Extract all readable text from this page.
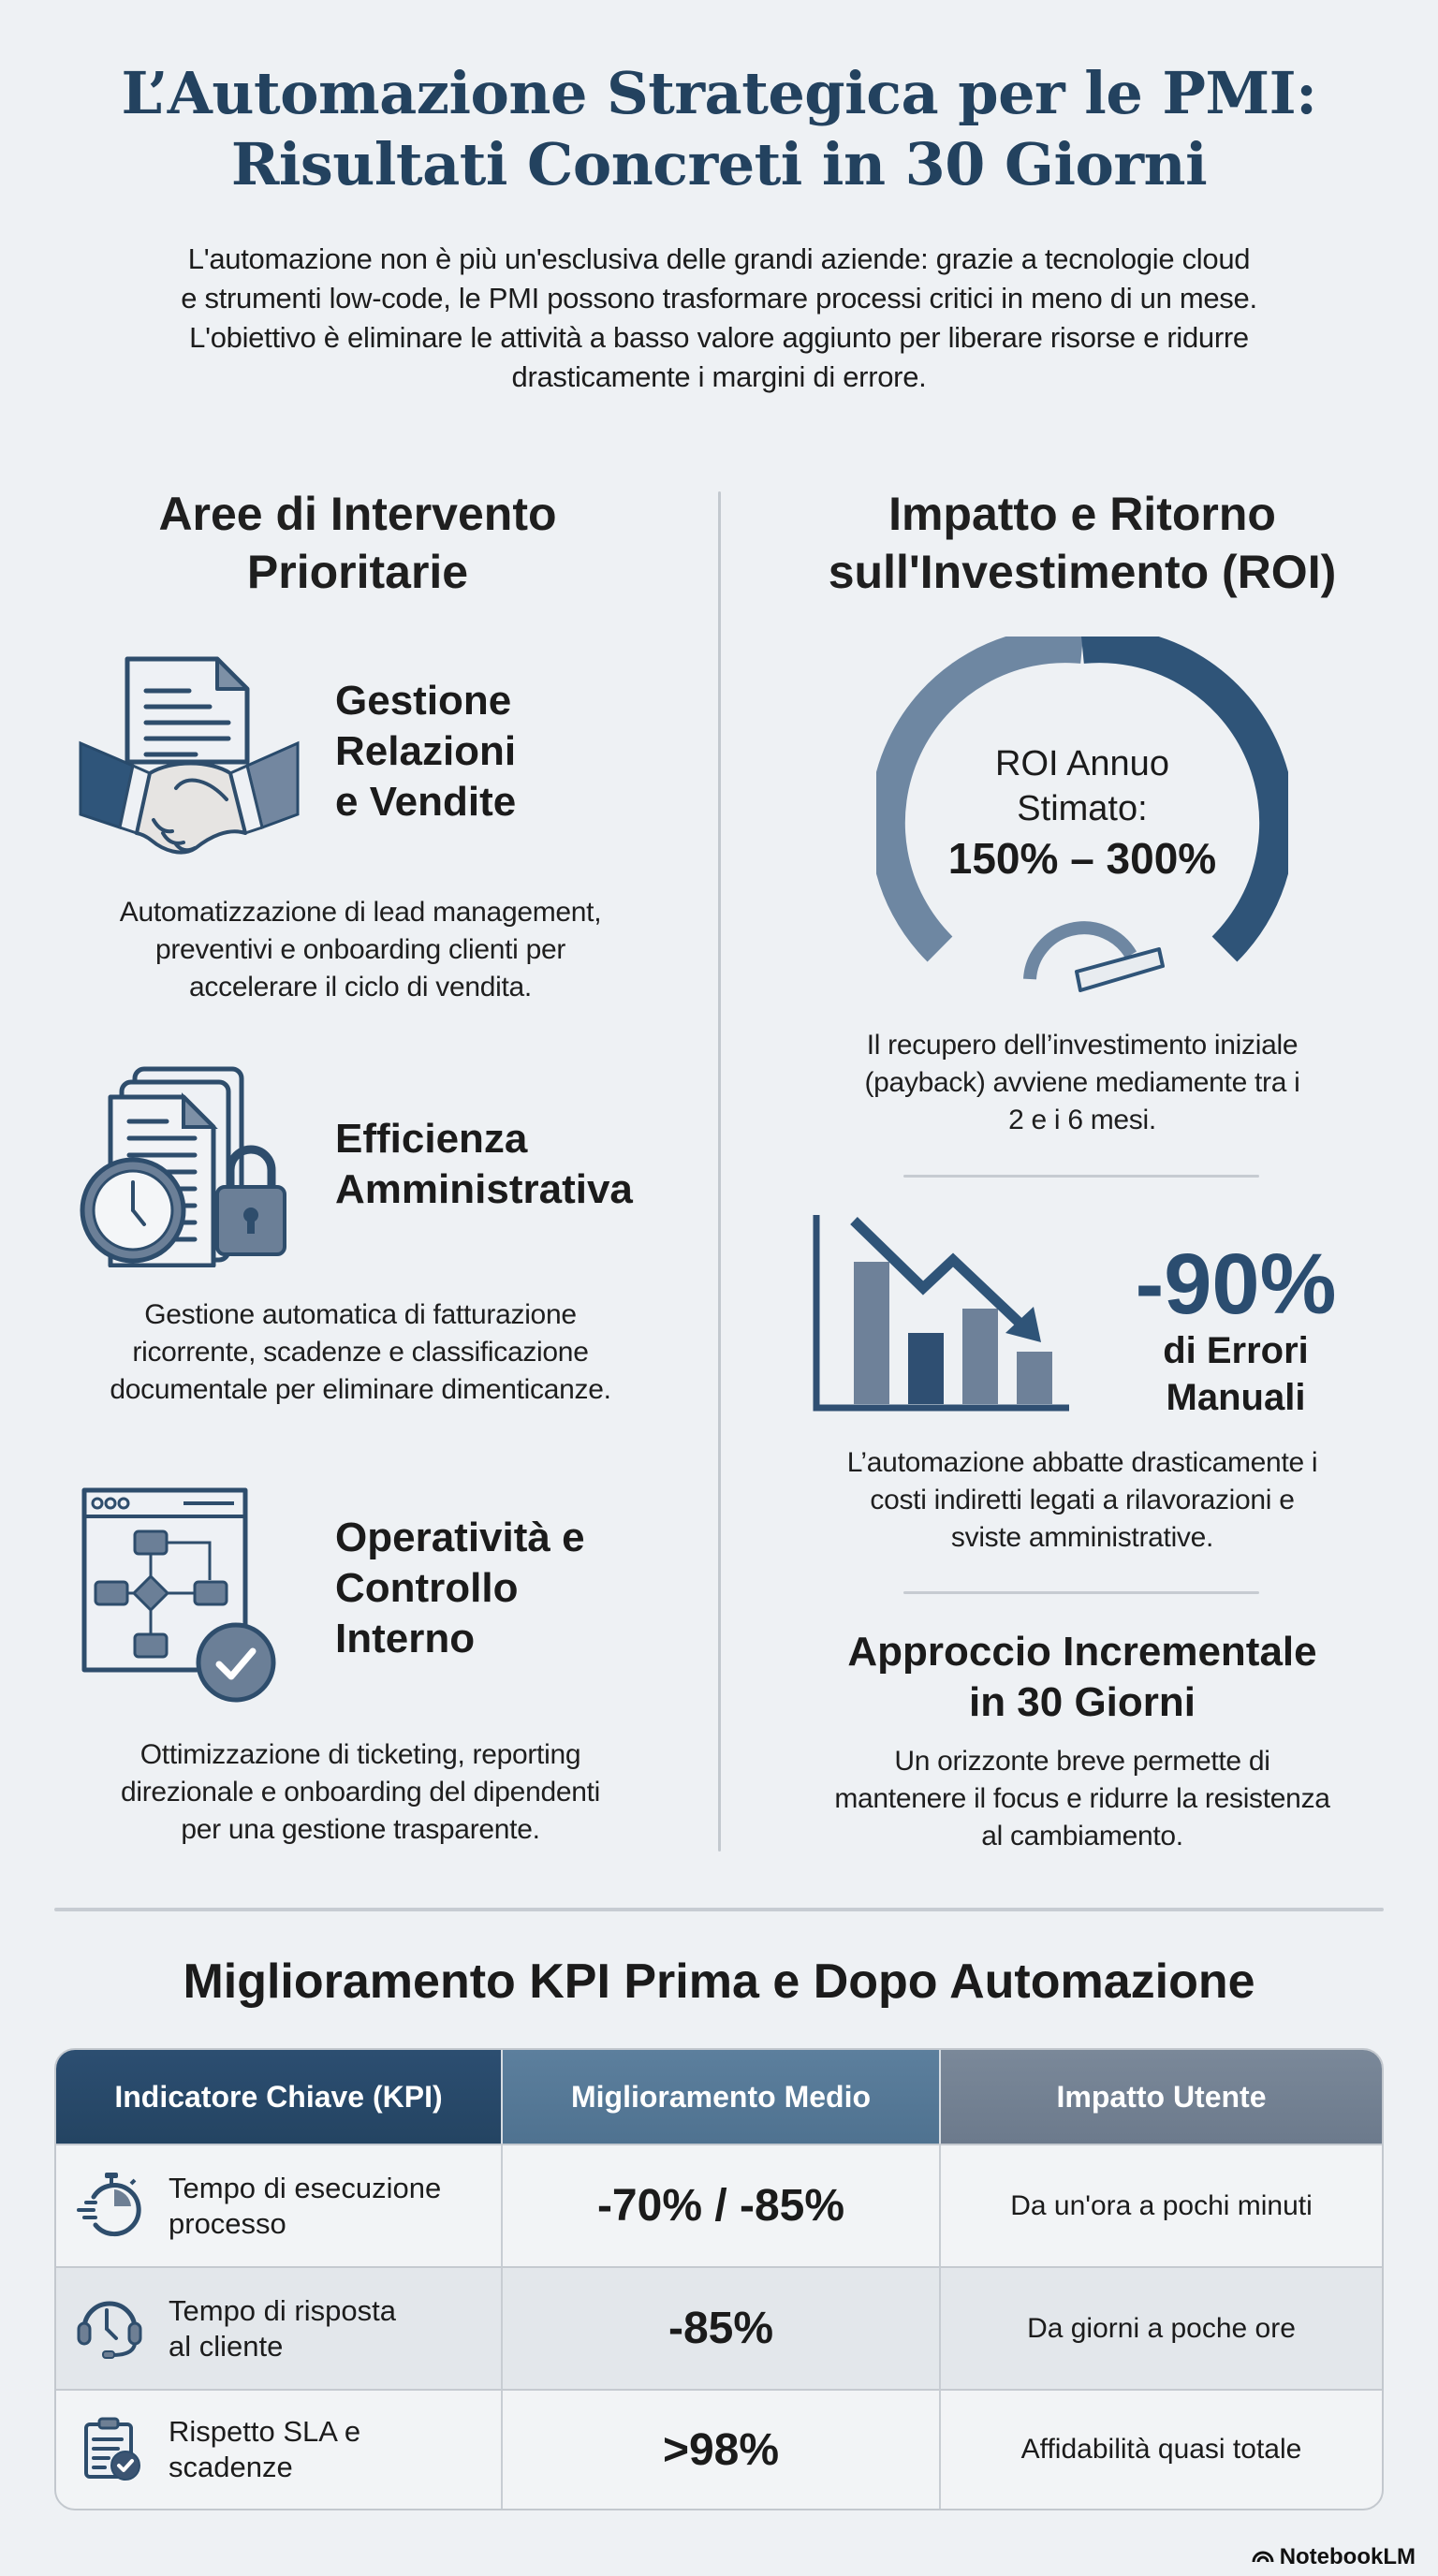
L’Automazione Strategica per le PMI:
Risultati Concreti in 30 Giorni

L'automazione non è più un'esclusiva delle grandi aziende: grazie a tecnologie cloud
e strumenti low-code, le PMI possono trasformare processi critici in meno di un mese.
L'obiettivo è eliminare le attività a basso valore aggiunto per liberare risorse e ridurre
drasticamente i margini di errore.

Aree di Intervento
Prioritarie
Gestione
Relazioni
e Vendite
Automatizzazione di lead management,
preventivi e onboarding clienti per
accelerare il ciclo di vendita.
Efficienza
Amministrativa
Gestione automatica di fatturazione
ricorrente, scadenze e classificazione
documentale per eliminare dimenticanze.
Operatività e
Controllo
Interno
Ottimizzazione di ticketing, reporting
direzionale e onboarding del dipendenti
per una gestione trasparente.
Impatto e Ritorno
sull'Investimento (ROI)
ROI Annuo
Stimato:
150% – 300%
Il recupero dell’investimento iniziale
(payback) avviene mediamente tra i
2 e i 6 mesi.
-90%
di Errori
Manuali
L’automazione abbatte drasticamente i
costi indiretti legati a rilavorazioni e
sviste amministrative.
Approccio Incrementale
in 30 Giorni
Un orizzonte breve permette di
mantenere il focus e ridurre la resistenza
al cambiamento.
Miglioramento KPI Prima e Dopo Automazione
Indicatore Chiave (KPI)	Miglioramento Medio	Impatto Utente
Tempo di esecuzione
processo	-70% / -85%	Da un'ora a pochi minuti
Tempo di risposta
al cliente	-85%	Da giorni a poche ore
Rispetto SLA e
scadenze	>98%	Affidabilità quasi totale
NotebookLM
